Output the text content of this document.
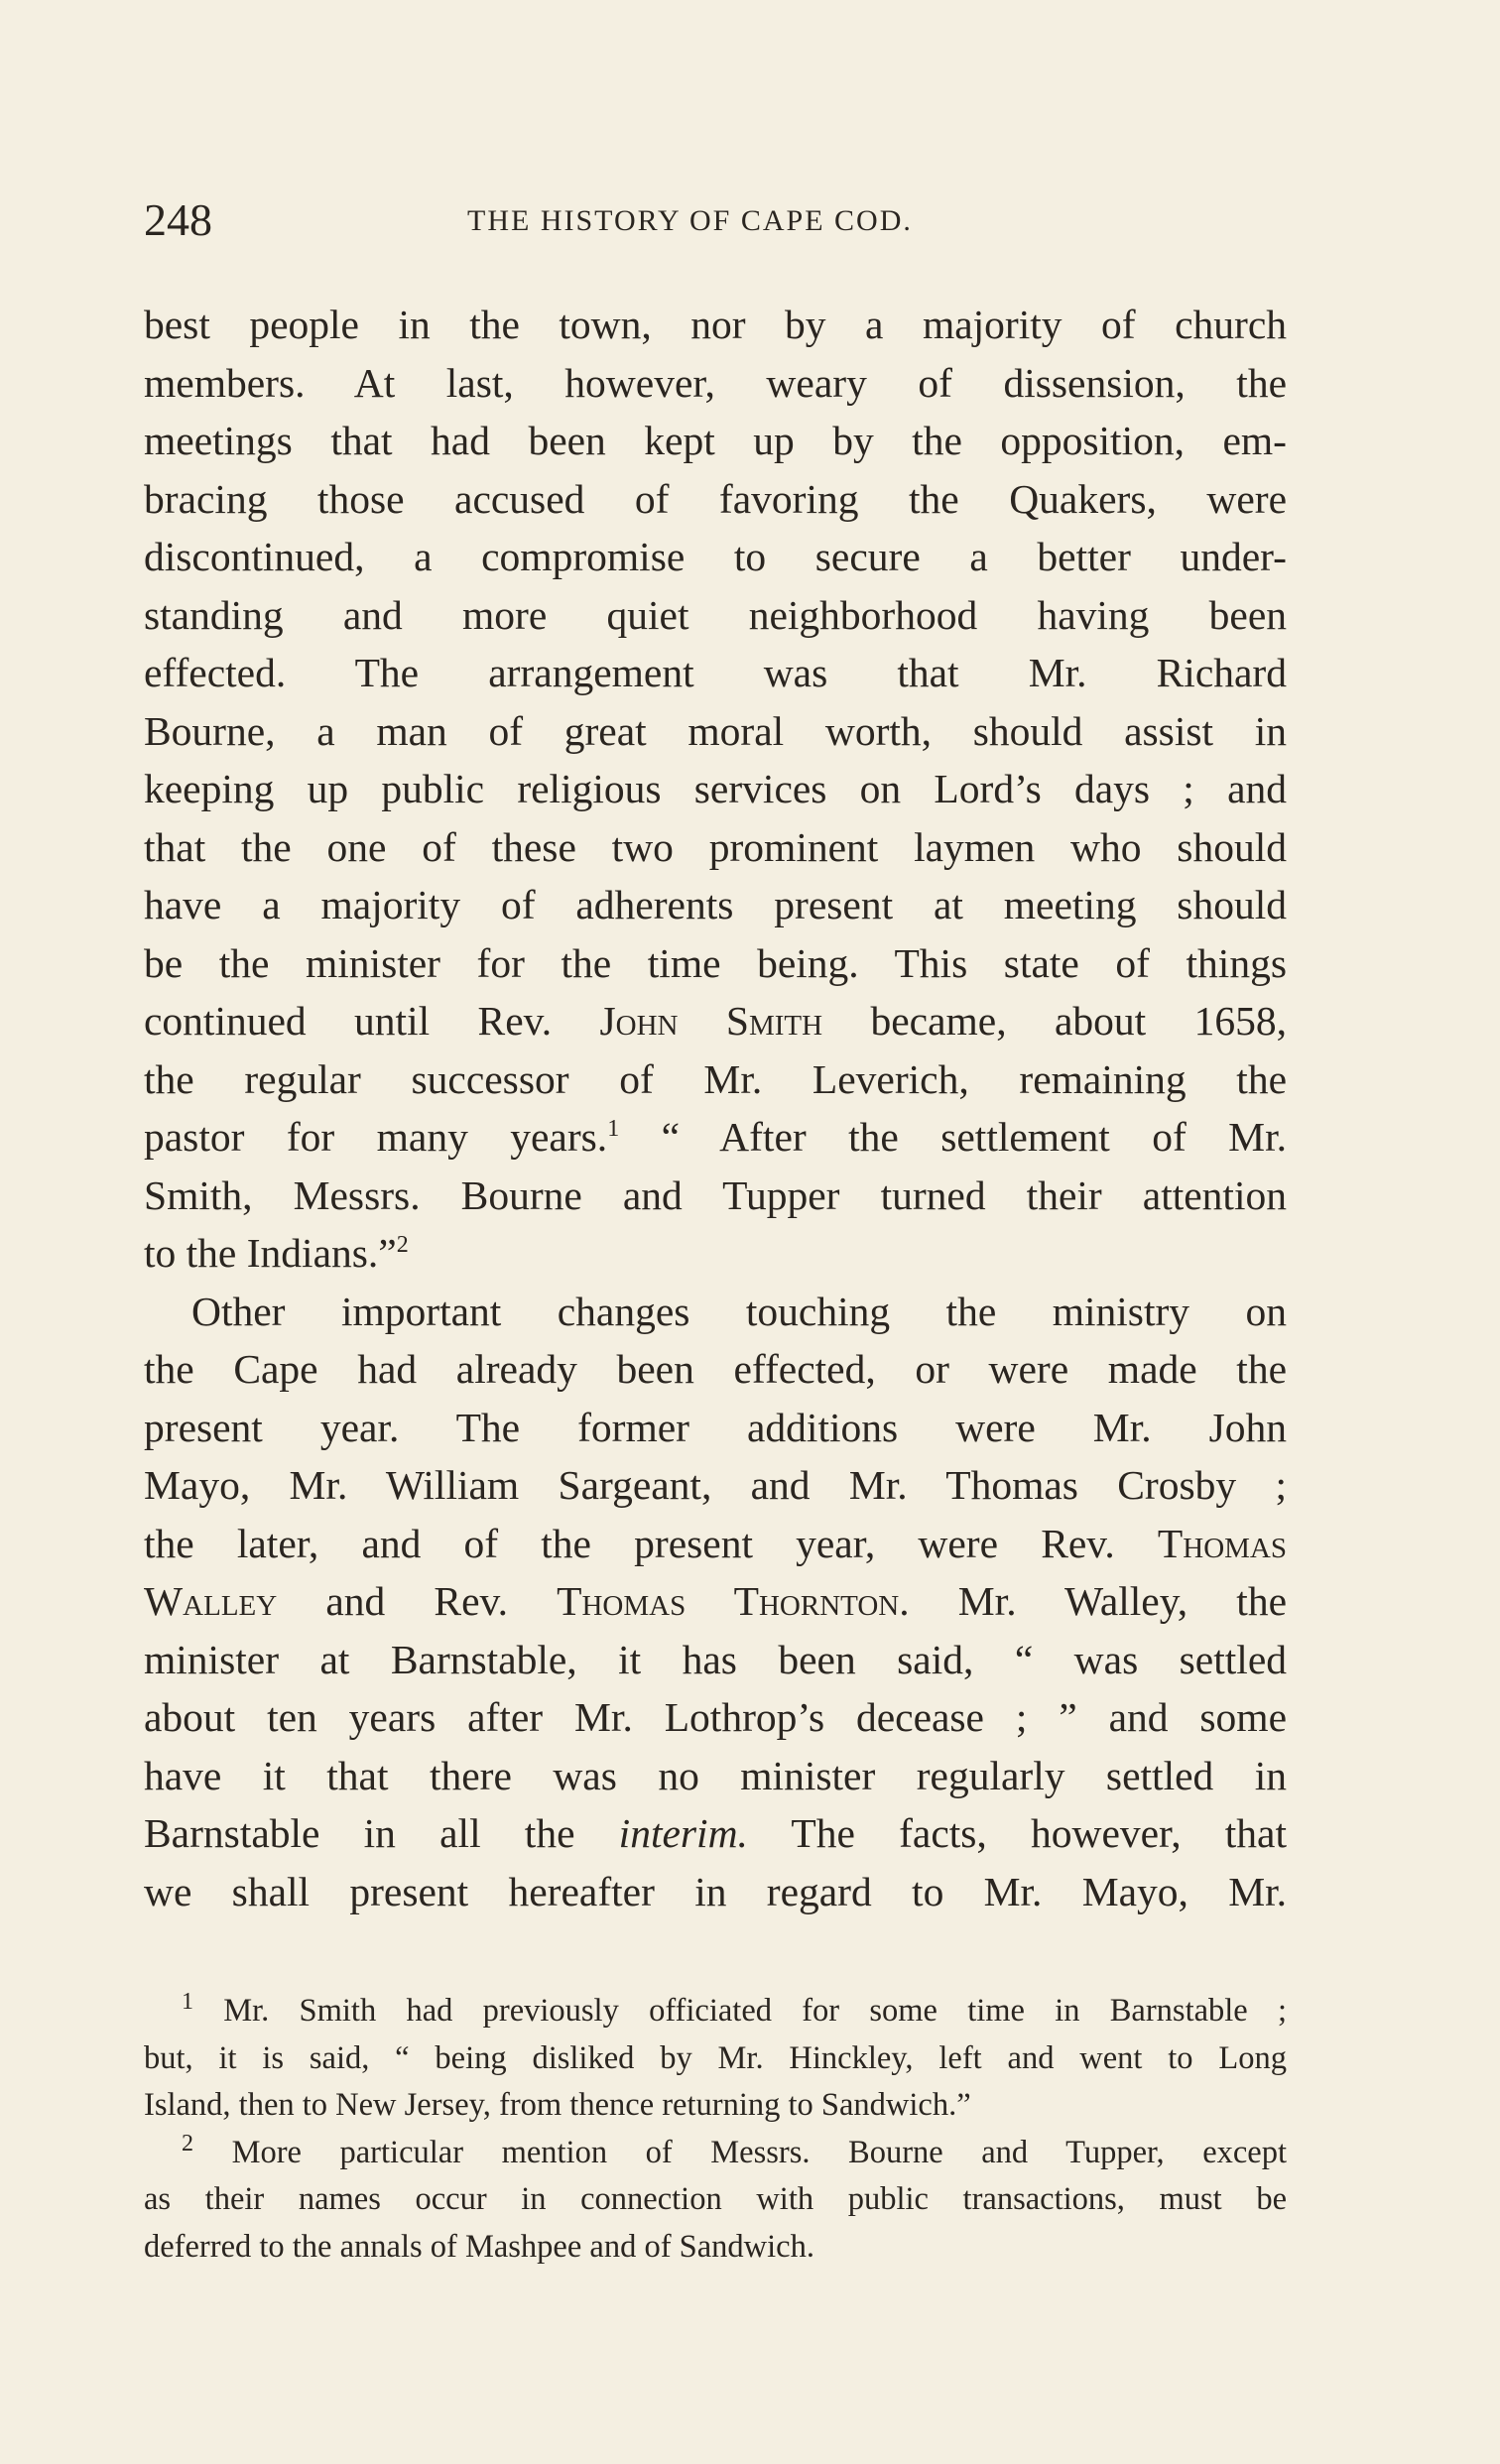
248	THE HISTORY OF CAPE COD.
best people in the town, nor by a majority of church
members. At last, however, weary of dissension, the
meetings that had been kept up by the opposition, em-
bracing those accused of favoring the Quakers, were
discontinued, a compromise to secure a better under-
standing and more quiet neighborhood having been
effected. The arrangement was that Mr. Richard
Bourne, a man of great moral worth, should assist in
keeping up public religious services on Lord’s days ; and
that the one of these two prominent laymen who should
have a majority of adherents present at meeting should
be the minister for the time being. This state of things
continued until Rev. John Smith became, about 1658,
the regular successor of Mr. Leverich, remaining the
pastor for many years.$^1$ “ After the settlement of Mr.
Smith, Messrs. Bourne and Tupper turned their attention
to the Indians.”$^2$
Other important changes touching the ministry on
the Cape had already been effected, or were made the
present year. The former additions were Mr. John
Mayo, Mr. William Sargeant, and Mr. Thomas Crosby ;
the later, and of the present year, were Rev. Thomas
Walley and Rev. Thomas Thornton. Mr. Walley, the
minister at Barnstable, it has been said, “ was settled
about ten years after Mr. Lothrop’s decease ; ” and some
have it that there was no minister regularly settled in
Barnstable in all the interim. The facts, however, that
we shall present hereafter in regard to Mr. Mayo, Mr.
$^1$ Mr. Smith had previously officiated for some time in Barnstable ;
but, it is said, “ being disliked by Mr. Hinckley, left and went to Long
Island, then to New Jersey, from thence returning to Sandwich.”
$^2$ More particular mention of Messrs. Bourne and Tupper, except
as their names occur in connection with public transactions, must be
deferred to the annals of Mashpee and of Sandwich.
